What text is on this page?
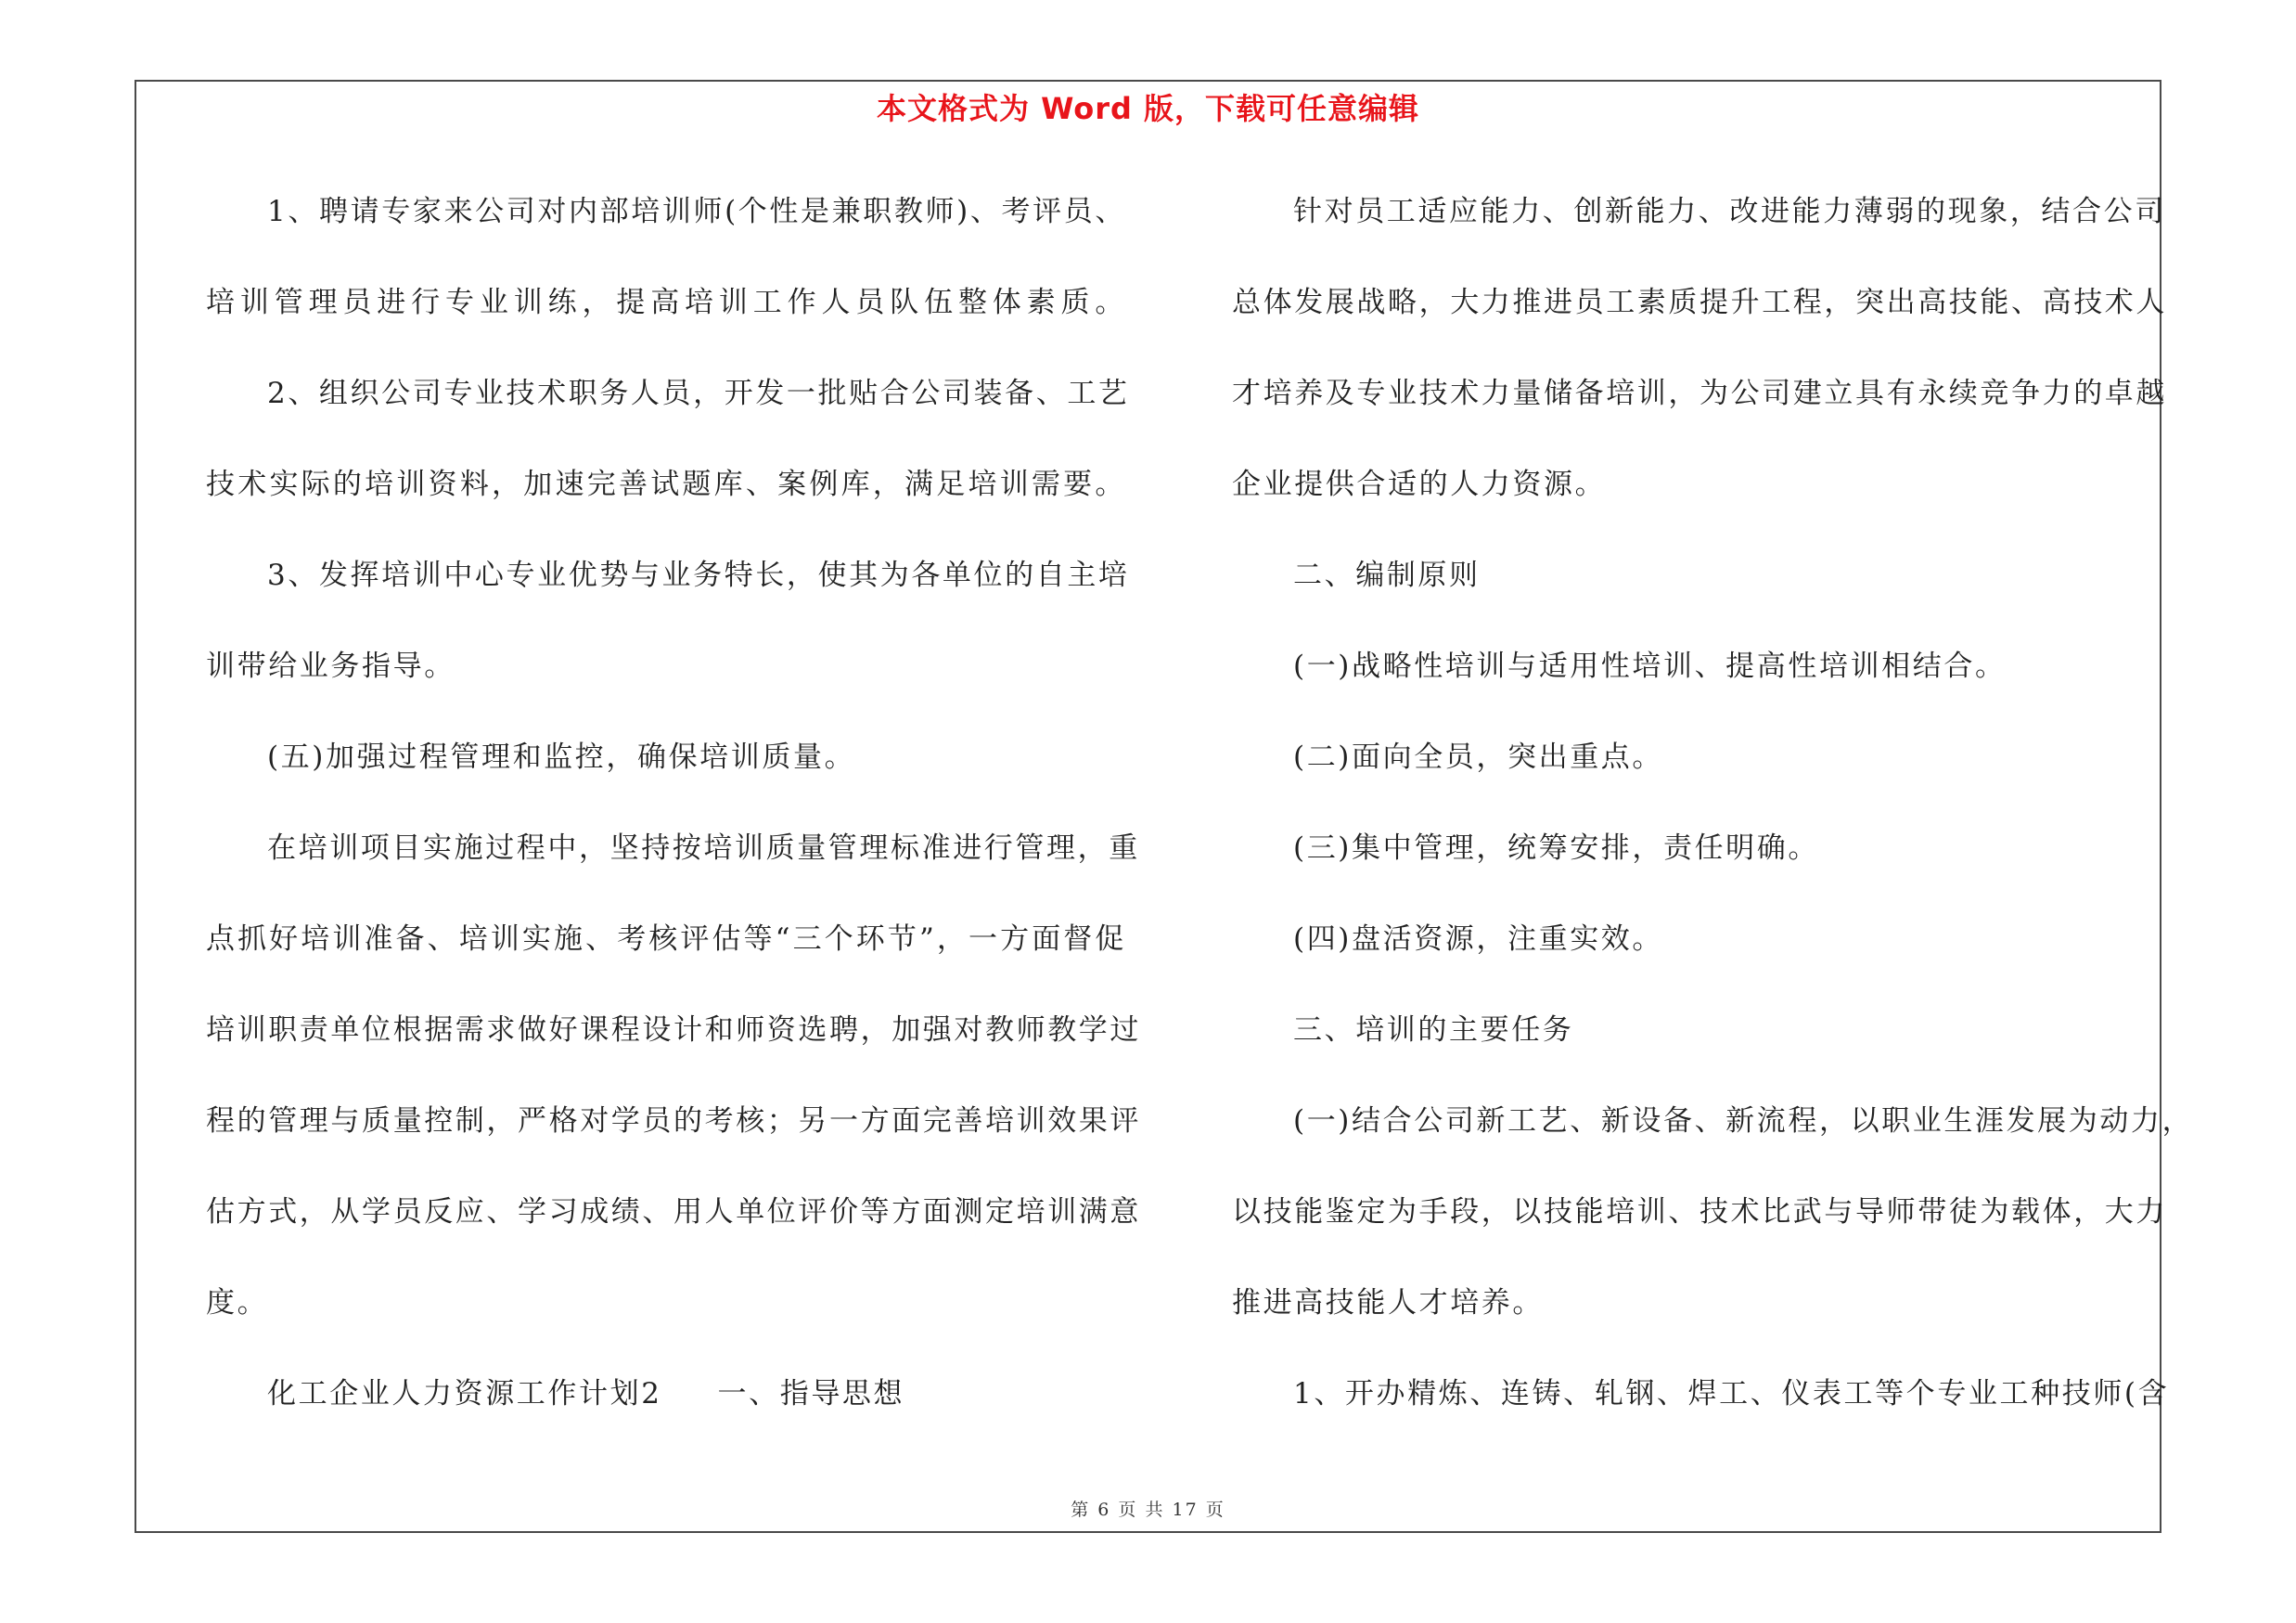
本文格式为 Word 版，下载可任意编辑
1、聘请专家来公司对内部培训师(个性是兼职教师)、考评员、
培训管理员进行专业训练，提高培训工作人员队伍整体素质。
2、组织公司专业技术职务人员，开发一批贴合公司装备、工艺
技术实际的培训资料，加速完善试题库、案例库，满足培训需要。
3、发挥培训中心专业优势与业务特长，使其为各单位的自主培
训带给业务指导。
(五)加强过程管理和监控，确保培训质量。
在培训项目实施过程中，坚持按培训质量管理标准进行管理，重
点抓好培训准备、培训实施、考核评估等“三个环节”，一方面督促
培训职责单位根据需求做好课程设计和师资选聘，加强对教师教学过
程的管理与质量控制，严格对学员的考核；另一方面完善培训效果评
估方式，从学员反应、学习成绩、用人单位评价等方面测定培训满意
度。
化工企业人力资源工作计划2 一、指导思想
针对员工适应能力、创新能力、改进能力薄弱的现象，结合公司
总体发展战略，大力推进员工素质提升工程，突出高技能、高技术人
才培养及专业技术力量储备培训，为公司建立具有永续竞争力的卓越
企业提供合适的人力资源。
二、编制原则
(一)战略性培训与适用性培训、提高性培训相结合。
(二)面向全员，突出重点。
(三)集中管理，统筹安排，责任明确。
(四)盘活资源，注重实效。
三、培训的主要任务
(一)结合公司新工艺、新设备、新流程，以职业生涯发展为动力，
以技能鉴定为手段，以技能培训、技术比武与导师带徒为载体，大力
推进高技能人才培养。
1、开办精炼、连铸、轧钢、焊工、仪表工等个专业工种技师(含
第 6 页 共 17 页
